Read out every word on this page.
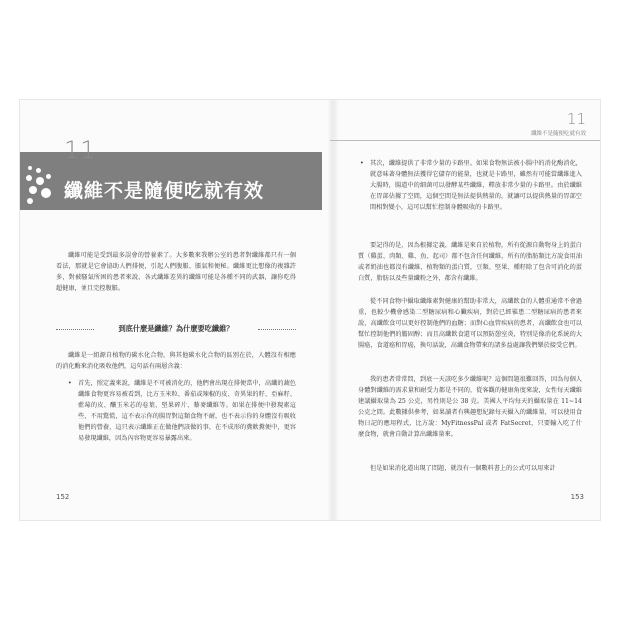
11
纖維不是隨便吃就有效

纖維可能是受到最多誤會的營養素了。大多數來我辦公室的患者對纖維都只有一個看法，那就是它會協助人們排便，引起人們腹脹、脹氣和便秘。纖維更比想像的複雜許多，對被騷氣所困的患者來說，各式纖維差異的纖維可能是各種不同的武器，讓你吃得超健康，並且完控腹脹。

到底什麼是纖維？為什麼要吃纖維？

纖維是一組源自植物的碳水化合物，與其他碳水化合物的區別在於，人體沒有相應的消化酶來消化吸收他們，這句話有兩層含義：

• 首先，照定義來說，纖維是不可被消化的，他們會出現在排便當中，高纖的蔬色纖維食物更容易被看到，比方玉米粒、番茄或辣椒的皮、奇異果的籽、亞麻籽、藍莓的皮、釀玉米芯的卷葉、堅果碎片、藜麥纖維等。如果在排便中發現素這些，不用驚慌，這不表示你的腸胃對這類食物不耐，也不表示你的身體沒有吸收他們的營養，這只表示纖維正在做他們該做的事，在不成形的糞軟糞便中，更容易發現纖維，因為內容物更容易暴露出來。
152
11
纖維不是隨便吃就有效
• 其次，纖維提供了非常少量的卡路里。如果食物無法被小腸中的消化酶消化，就意味著身體無法獲得它儲存的能量，也就是卡路里，雖然有可能當纖維進入大腸時，腸道中的細菌可以發酵某些纖維，釋放非常少量的卡路里。由於纖維在胃部佔據了空間，這個空間是無法提供熱量的，就讓可以提供熱量的胃部空間相對變小，這可以幫忙控制身體吸收的卡路里。

要記得的是，因為根據定義，纖維是來自於植物，所有從源自動物身上的蛋白質（雞蛋、肉類、雞、魚、起司）都不包含任何纖維，所有的脂肪類比方說食用油或者奶油也都沒有纖維，植物類的蛋白質，豆類、堅果、種籽除了包含可消化的蛋白質，脂肪以及些量纖粉之外，都含有纖維。

從不同食物中攝取纖維素對健康的幫助非常大，高纖飲食的人體重通常不會過重，也較少機會感染二型糖尿病和心臟疾病，對於已經罹患二型糖尿病的患者來說，高纖飲食可以更好控制他們的血糖；而對心血管疾病的患者，高纖飲食也可以幫忙控制他們的膽固醇；而且高纖飲食還可以預防憩室炎，特別是像消化系統的大腸癌，食道癌和胃癌，換句話說，高纖食物帶來的諸多益處讓我們樂於接受它們。

我的患者常常問，到底一天該吃多少纖維呢？這個問題很難回答，因為每個人身體對纖維的需求量和耐受力都是不同的，從客觀的健康角度來說，女性每天纖維建議攝取量為 25 公克，男性則是公 38 克。美國人平均每天的攝取量在 11~14 公克之間。此數據供參考，如果讀者有興趣想紀錄每天攝入的纖維量，可以使用食物日記的應用程式，比方說：MyFitnessPal 或者 FatSecret，只要輸入吃了什麼食物，就會自動計算出纖維量來。

但是如果消化道出現了問題，就沒有一個數料書上的公式可以用來計

153
